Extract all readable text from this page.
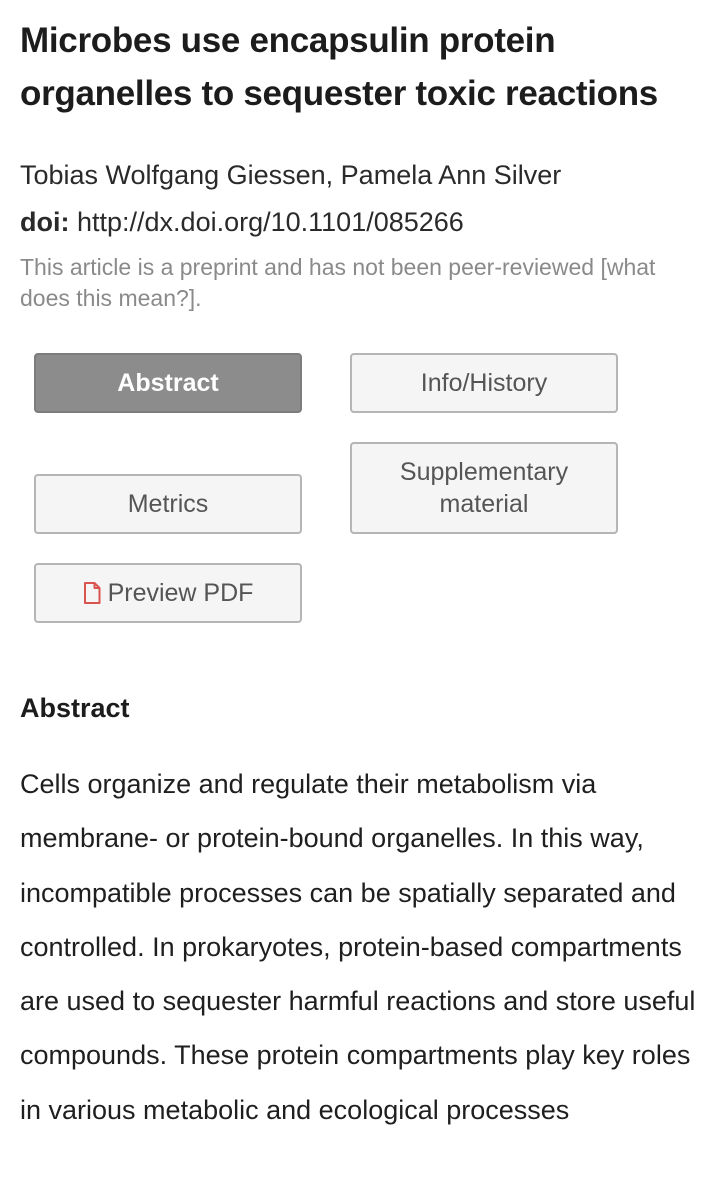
Microbes use encapsulin protein organelles to sequester toxic reactions
Tobias Wolfgang Giessen, Pamela Ann Silver
doi: http://dx.doi.org/10.1101/085266
This article is a preprint and has not been peer-reviewed [what does this mean?].
Abstract	Info/History
Supplementary material
Metrics
Preview PDF
Abstract

Cells organize and regulate their metabolism via membrane- or protein-bound organelles. In this way, incompatible processes can be spatially separated and controlled. In prokaryotes, protein-based compartments are used to sequester harmful reactions and store useful compounds. These protein compartments play key roles in various metabolic and ecological processes
